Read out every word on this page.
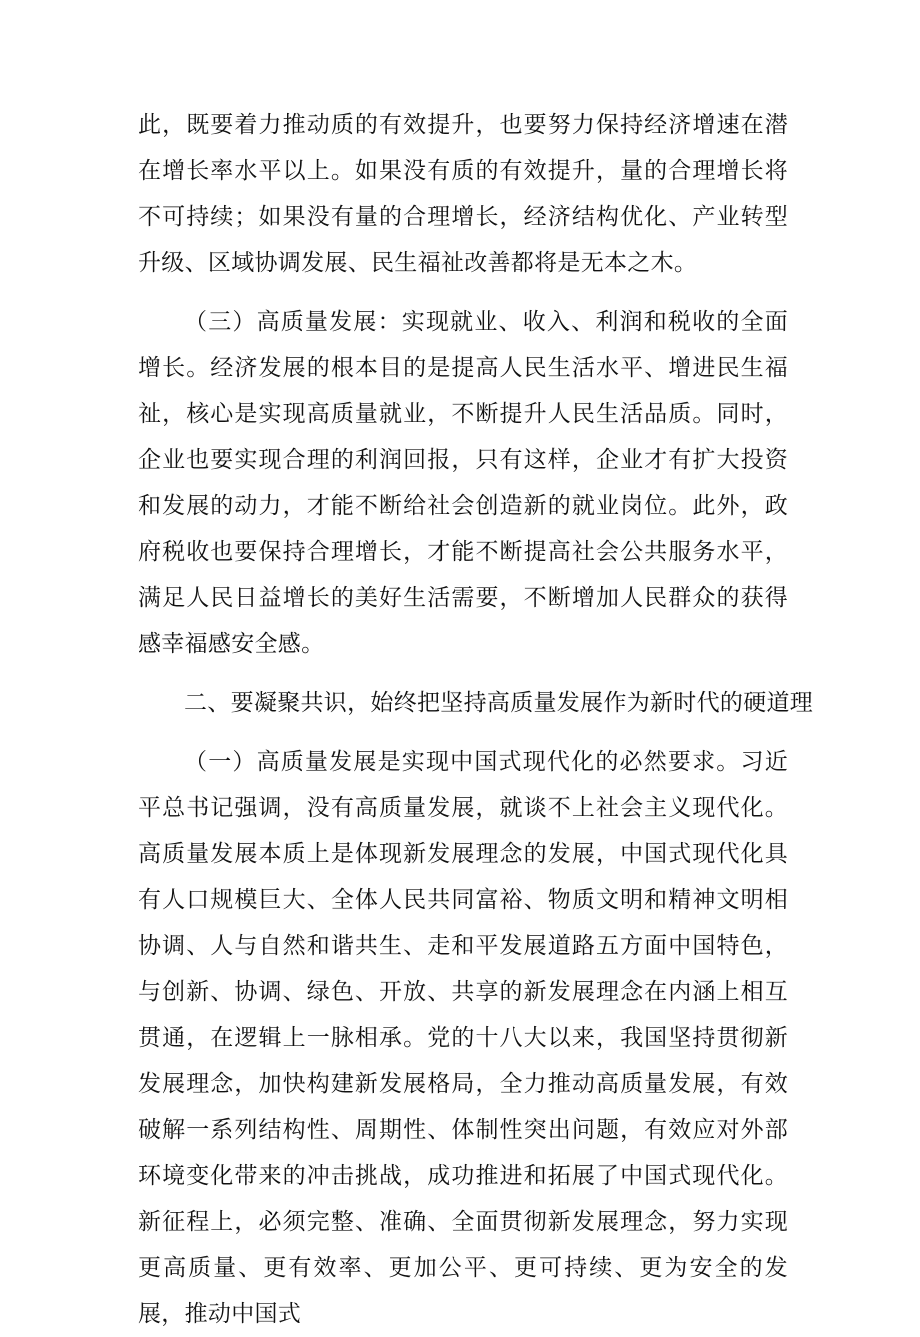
此，既要着力推动质的有效提升，也要努力保持经济增速在潜在增长率水平以上。如果没有质的有效提升，量的合理增长将不可持续；如果没有量的合理增长，经济结构优化、产业转型升级、区域协调发展、民生福祉改善都将是无本之木。

（三）高质量发展：实现就业、收入、利润和税收的全面增长。经济发展的根本目的是提高人民生活水平、增进民生福祉，核心是实现高质量就业，不断提升人民生活品质。同时，企业也要实现合理的利润回报，只有这样，企业才有扩大投资和发展的动力，才能不断给社会创造新的就业岗位。此外，政府税收也要保持合理增长，才能不断提高社会公共服务水平，满足人民日益增长的美好生活需要，不断增加人民群众的获得感幸福感安全感。

二、要凝聚共识，始终把坚持高质量发展作为新时代的硬道理

（一）高质量发展是实现中国式现代化的必然要求。习近平总书记强调，没有高质量发展，就谈不上社会主义现代化。高质量发展本质上是体现新发展理念的发展，中国式现代化具有人口规模巨大、全体人民共同富裕、物质文明和精神文明相协调、人与自然和谐共生、走和平发展道路五方面中国特色，与创新、协调、绿色、开放、共享的新发展理念在内涵上相互贯通，在逻辑上一脉相承。党的十八大以来，我国坚持贯彻新发展理念，加快构建新发展格局，全力推动高质量发展，有效破解一系列结构性、周期性、体制性突出问题，有效应对外部环境变化带来的冲击挑战，成功推进和拓展了中国式现代化。新征程上，必须完整、准确、全面贯彻新发展理念，努力实现更高质量、更有效率、更加公平、更可持续、更为安全的发展，推动中国式
